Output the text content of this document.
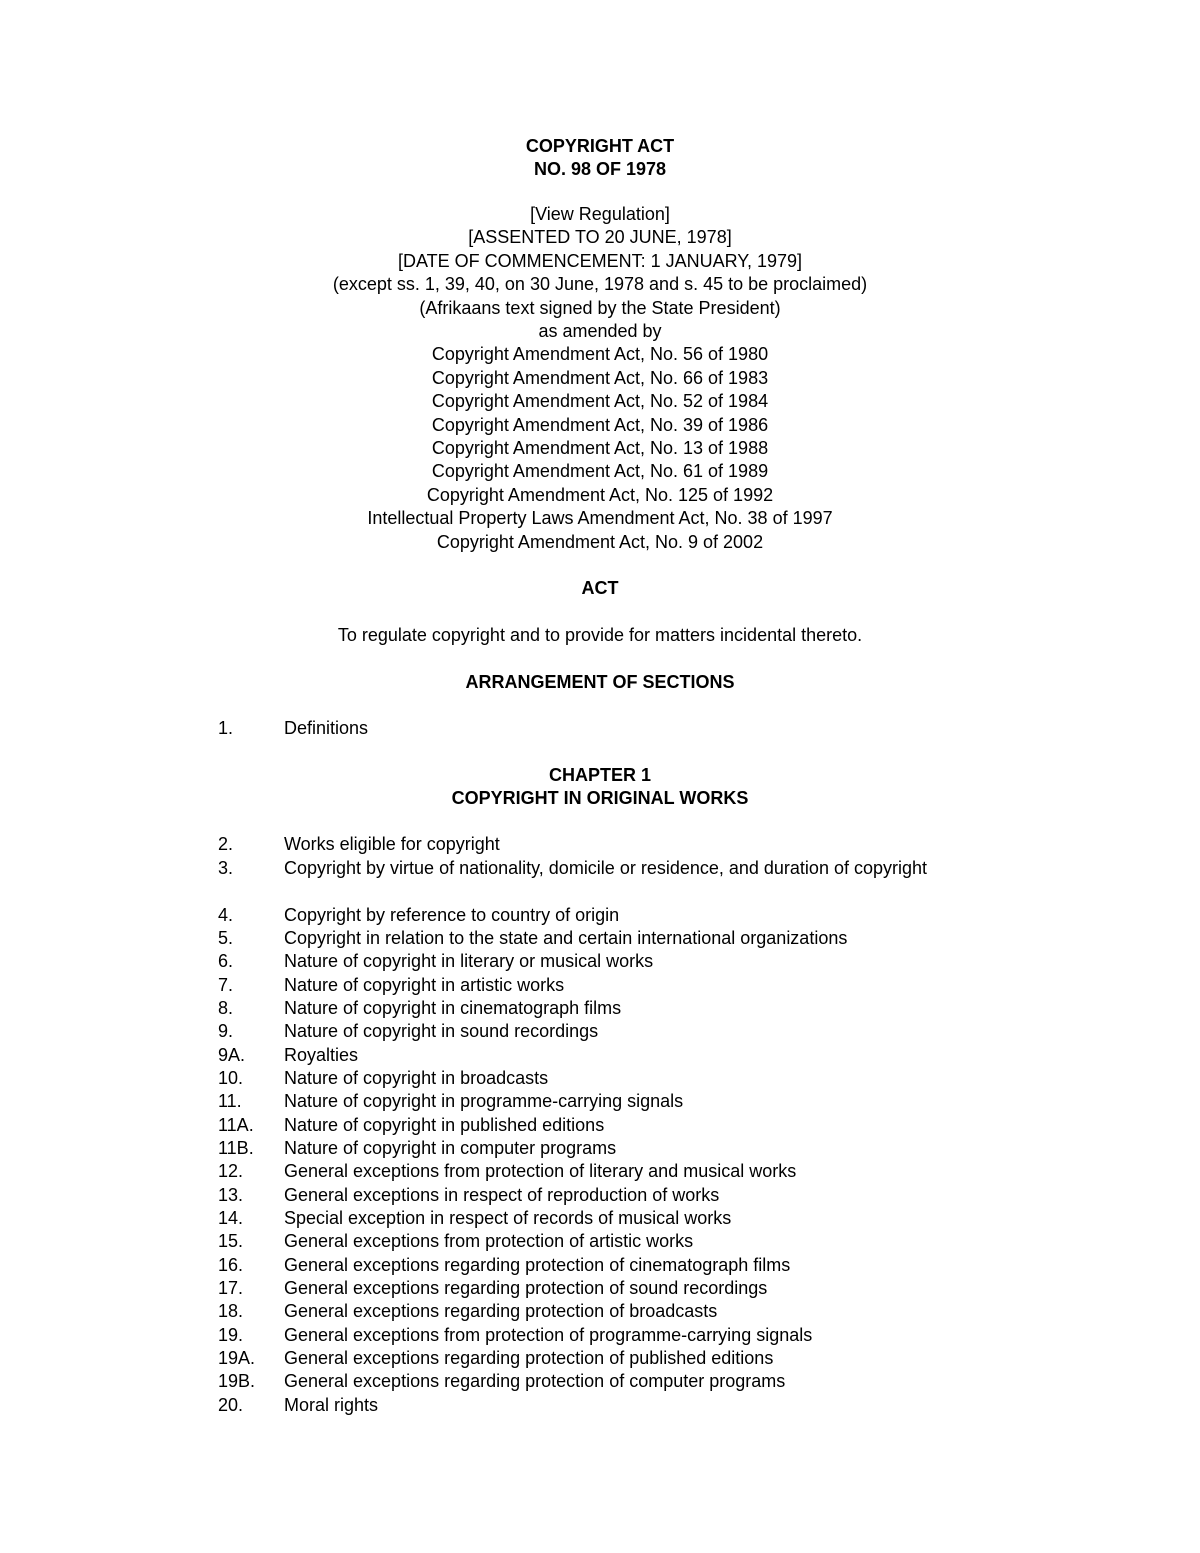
COPYRIGHT ACT
NO. 98 OF 1978
[View Regulation]
[ASSENTED TO 20 JUNE, 1978]
[DATE OF COMMENCEMENT: 1 JANUARY, 1979]
(except ss. 1, 39, 40, on 30 June, 1978 and s. 45 to be proclaimed)
(Afrikaans text signed by the State President)
as amended by
Copyright Amendment Act, No. 56 of 1980
Copyright Amendment Act, No. 66 of 1983
Copyright Amendment Act, No. 52 of 1984
Copyright Amendment Act, No. 39 of 1986
Copyright Amendment Act, No. 13 of 1988
Copyright Amendment Act, No. 61 of 1989
Copyright Amendment Act, No. 125 of 1992
Intellectual Property Laws Amendment Act, No. 38 of 1997
Copyright Amendment Act, No. 9 of 2002
ACT
To regulate copyright and to provide for matters incidental thereto.
ARRANGEMENT OF SECTIONS
1.	Definitions
CHAPTER 1
COPYRIGHT IN ORIGINAL WORKS
2.	Works eligible for copyright
3.	Copyright by virtue of nationality, domicile or residence, and duration of copyright
4.	Copyright by reference to country of origin
5.	Copyright in relation to the state and certain international organizations
6.	Nature of copyright in literary or musical works
7.	Nature of copyright in artistic works
8.	Nature of copyright in cinematograph films
9.	Nature of copyright in sound recordings
9A. Royalties
10. Nature of copyright in broadcasts
11. Nature of copyright in programme-carrying signals
11A. Nature of copyright in published editions
11B. Nature of copyright in computer programs
12. General exceptions from protection of literary and musical works
13. General exceptions in respect of reproduction of works
14. Special exception in respect of records of musical works
15. General exceptions from protection of artistic works
16. General exceptions regarding protection of cinematograph films
17. General exceptions regarding protection of sound recordings
18. General exceptions regarding protection of broadcasts
19. General exceptions from protection of programme-carrying signals
19A. General exceptions regarding protection of published editions
19B. General exceptions regarding protection of computer programs
20. Moral rights
